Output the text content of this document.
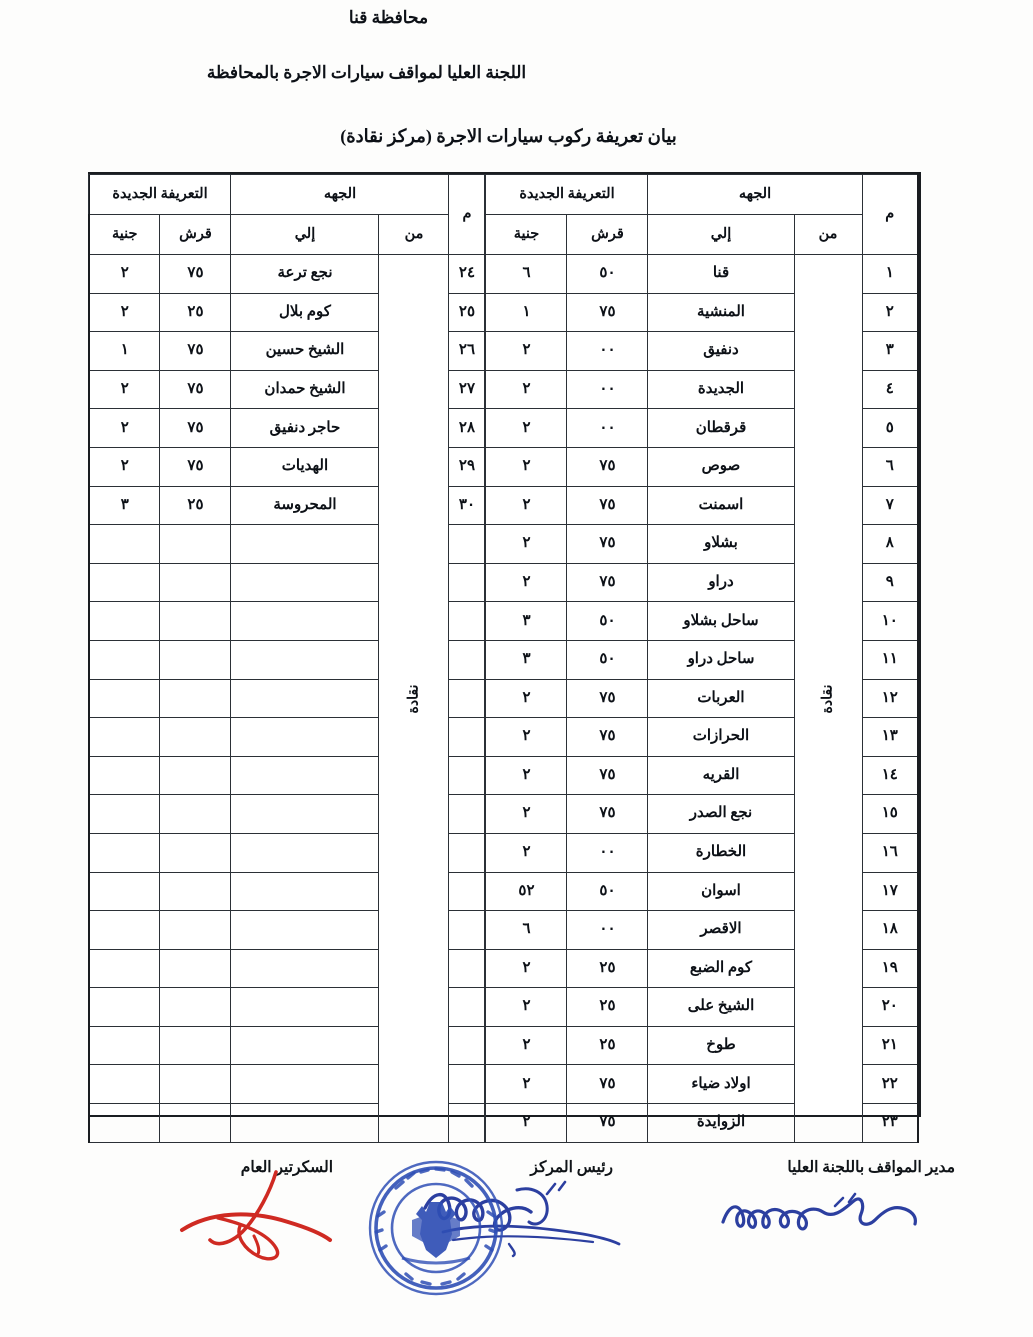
محافظة قنا
اللجنة العليا لمواقف سيارات الاجرة بالمحافظة
بيان تعريفة ركوب سيارات الاجرة (مركز نقادة)
م	الجهه		التعريفة الجديدة	
	من	إلي	قرش	جنية
١	نقادة	قنا	٥٠	٦
٢		المنشية	٧٥	١
٣		دنفيق	٠٠	٢
٤		الجديدة	٠٠	٢
٥		قرقطان	٠٠	٢
٦		صوص	٧٥	٢
٧		اسمنت	٧٥	٢
٨		بشلاو	٧٥	٢
٩		دراو	٧٥	٢
١٠		ساحل بشلاو	٥٠	٣
١١		ساحل دراو	٥٠	٣
١٢		العربات	٧٥	٢
١٣		الحرازات	٧٥	٢
١٤		القريه	٧٥	٢
١٥		نجع الصدر	٧٥	٢
١٦		الخطارة	٠٠	٢
١٧		اسوان	٥٠	٥٢
١٨		الاقصر	٠٠	٦
١٩		كوم الضبع	٢٥	٢
٢٠		الشيخ على	٢٥	٢
٢١		طوخ	٢٥	٢
٢٢		اولاد ضياء	٧٥	٢
٢٣		الزوايدة	٧٥	٢
م	الجهه		التعريفة الجديدة	
	من	إلي	قرش	جنية
٢٤	نقادة	نجع ترعة	٧٥	٢
٢٥		كوم بلال	٢٥	٢
٢٦		الشيخ حسين	٧٥	١
٢٧		الشيخ حمدان	٧٥	٢
٢٨		حاجر دنفيق	٧٥	٢
٢٩		الهديات	٧٥	٢
٣٠		المحروسة	٢٥	٣

مدير المواقف باللجنة العليا
رئيس المركز
السكرتير العام
